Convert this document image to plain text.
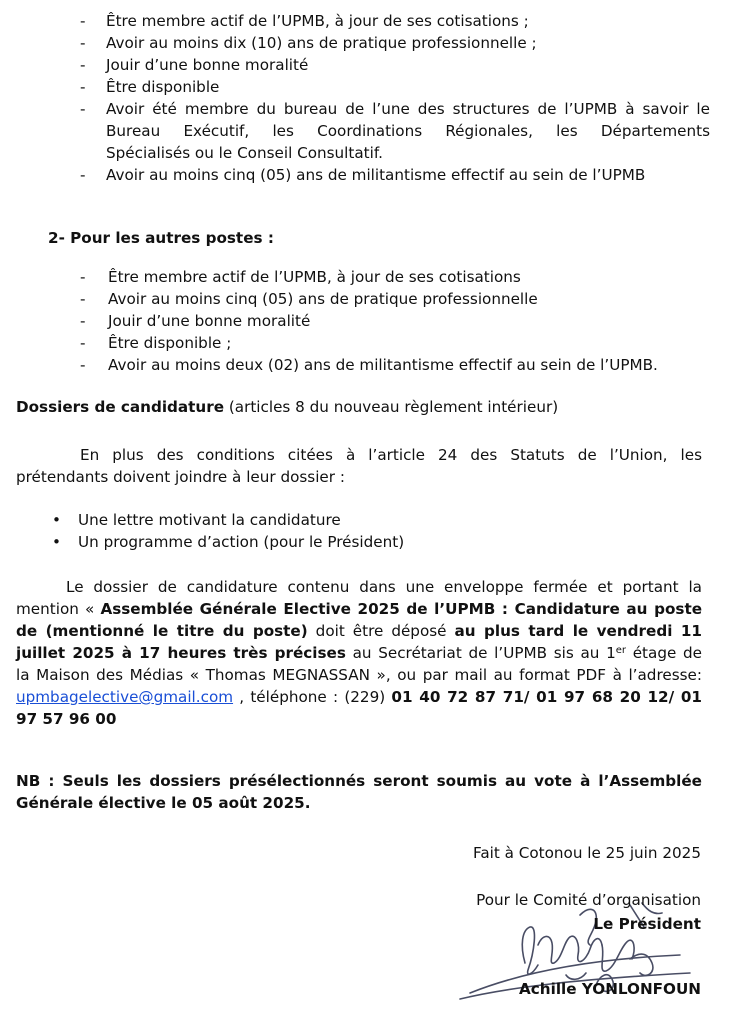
- Être membre actif de l’UPMB, à jour de ses cotisations ;
- Avoir au moins dix (10) ans de pratique professionnelle ;
- Jouir d’une bonne moralité
- Être disponible
- Avoir été membre du bureau de l’une des structures de l’UPMB à savoir le
Bureau Exécutif, les Coordinations Régionales, les Départements
Spécialisés ou le Conseil Consultatif.
- Avoir au moins cinq (05) ans de militantisme effectif au sein de l’UPMB
2- Pour les autres postes :
- Être membre actif de l’UPMB, à jour de ses cotisations
- Avoir au moins cinq (05) ans de pratique professionnelle
- Jouir d’une bonne moralité
- Être disponible ;
- Avoir au moins deux (02) ans de militantisme effectif au sein de l’UPMB.
Dossiers de candidature (articles 8 du nouveau règlement intérieur)
En plus des conditions citées à l’article 24 des Statuts de l’Union, les
prétendants doivent joindre à leur dossier :
• Une lettre motivant la candidature
• Un programme d’action (pour le Président)
Le dossier de candidature contenu dans une enveloppe fermée et portant la
mention « Assemblée Générale Elective 2025 de l’UPMB : Candidature au poste
de (mentionné le titre du poste) doit être déposé au plus tard le vendredi 11
juillet 2025 à 17 heures très précises au Secrétariat de l’UPMB sis au 1er étage de
la Maison des Médias « Thomas MEGNASSAN », ou par mail au format PDF à l’adresse:
upmbagelective@gmail.com , téléphone : (229) 01 40 72 87 71/ 01 97 68 20 12/ 01
97 57 96 00
NB : Seuls les dossiers présélectionnés seront soumis au vote à l’Assemblée
Générale élective le 05 août 2025.
Fait à Cotonou le 25 juin 2025
Pour le Comité d’organisation
Le Président
Achille YONLONFOUN
